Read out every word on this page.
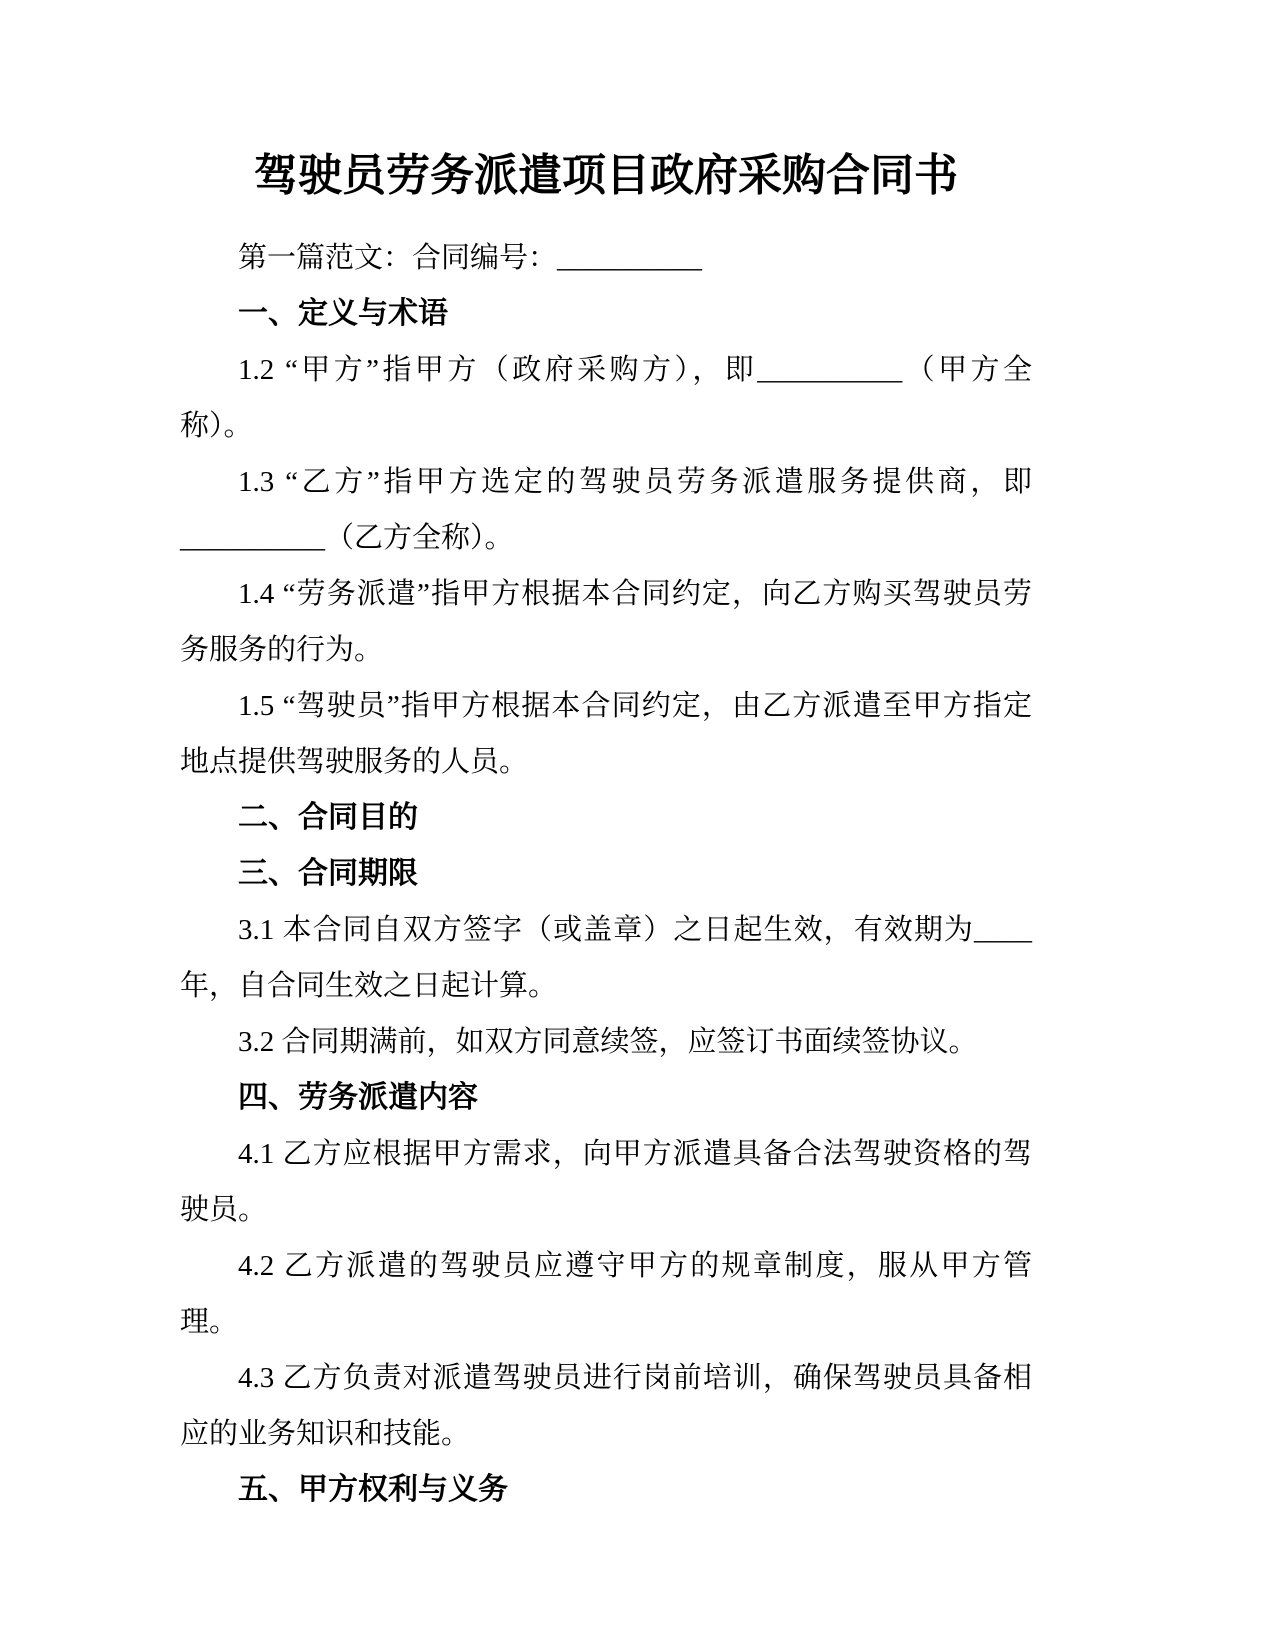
驾驶员劳务派遣项目政府采购合同书

第一篇范文：合同编号：__________

一、定义与术语

1.2 “甲方”指甲方（政府采购方），即__________（甲方全称）。

1.3 “乙方”指甲方选定的驾驶员劳务派遣服务提供商，即__________（乙方全称）。

1.4 “劳务派遣”指甲方根据本合同约定，向乙方购买驾驶员劳务服务的行为。

1.5 “驾驶员”指甲方根据本合同约定，由乙方派遣至甲方指定地点提供驾驶服务的人员。

二、合同目的
三、合同期限

3.1 本合同自双方签字（或盖章）之日起生效，有效期为____年，自合同生效之日起计算。

3.2 合同期满前，如双方同意续签，应签订书面续签协议。

四、劳务派遣内容

4.1 乙方应根据甲方需求，向甲方派遣具备合法驾驶资格的驾驶员。

4.2 乙方派遣的驾驶员应遵守甲方的规章制度，服从甲方管理。

4.3 乙方负责对派遣驾驶员进行岗前培训，确保驾驶员具备相应的业务知识和技能。

五、甲方权利与义务
